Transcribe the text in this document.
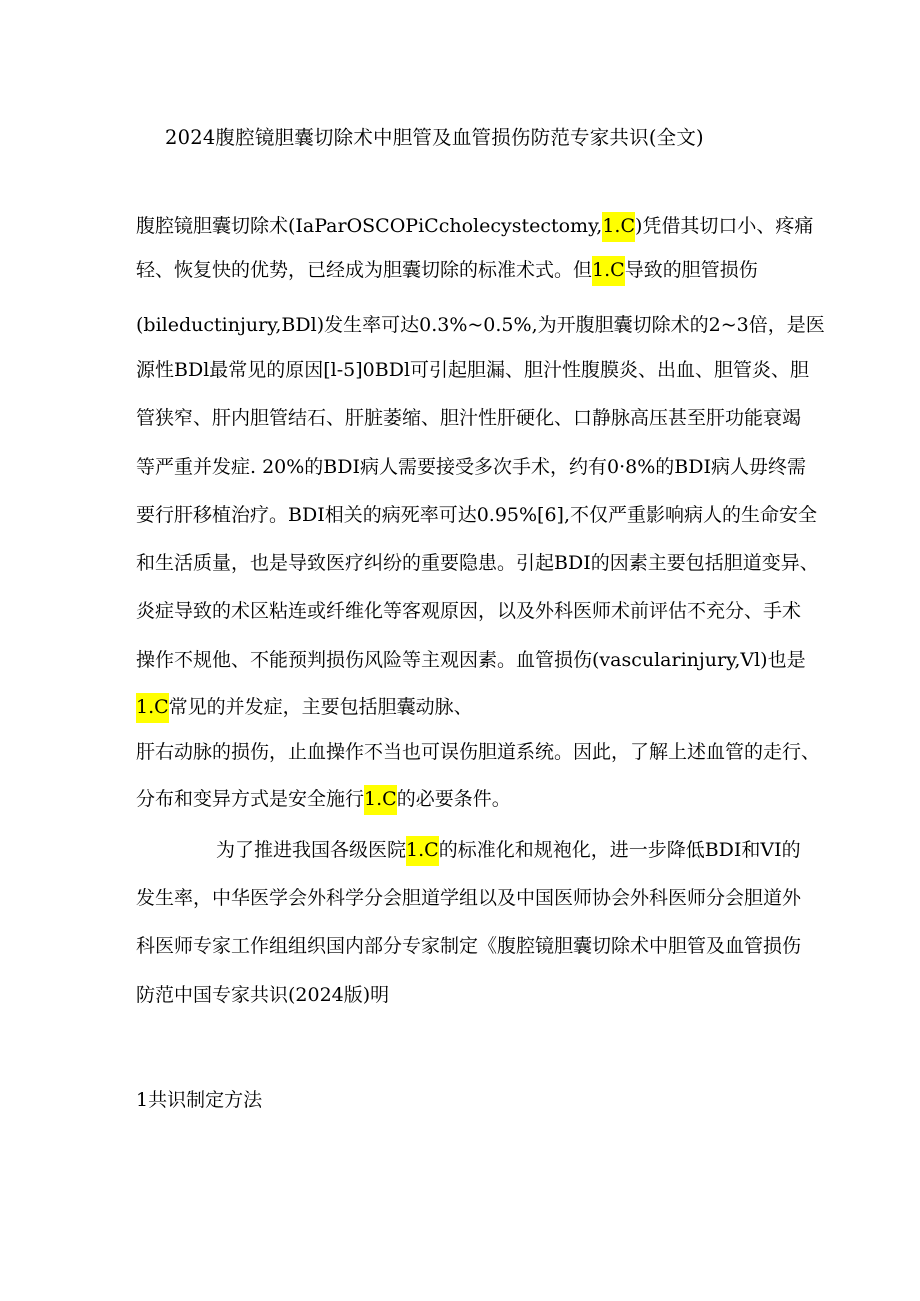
2024腹腔镜胆囊切除术中胆管及血管损伤防范专家共识(全文)
腹腔镜胆囊切除术(IaParOSCOPiCcholecystectomy,1.C)凭借其切口小、疼痛
轻、恢复快的优势，已经成为胆囊切除的标准术式。但1.C导致的胆管损伤
(bileductinjury,BDl)发生率可达0.3%~0.5%,为开腹胆囊切除术的2~3倍，是医
源性BDl最常见的原因[l-5]0BDl可引起胆漏、胆汁性腹膜炎、出血、胆管炎、胆
管狭窄、肝内胆管结石、肝脏萎缩、胆汁性肝硬化、口静脉高压甚至肝功能衰竭
等严重并发症. 20%的BDI病人需要接受多次手术，约有0·8%的BDI病人毋终需
要行肝移植治疗。BDI相关的病死率可达0.95%[6],不仅严重影响病人的生命安全
和生活质量，也是导致医疗纠纷的重要隐患。引起BDI的因素主要包括胆道变异、
炎症导致的术区粘连或纤维化等客观原因，以及外科医师术前评估不充分、手术
操作不规他、不能预判损伤风险等主观因素。血管损伤(vascularinjury,Vl)也是
1.C常见的并发症，主要包括胆囊动脉、
肝右动脉的损伤，止血操作不当也可误伤胆道系统。因此，了解上述血管的走行、
分布和变异方式是安全施行1.C的必要条件。
为了推进我国各级医院1.C的标准化和规袍化，进一步降低BDI和VI的
发生率，中华医学会外科学分会胆道学组以及中国医师协会外科医师分会胆道外
科医师专家工作组组织国内部分专家制定《腹腔镜胆囊切除术中胆管及血管损伤
防范中国专家共识(2024版)明
1共识制定方法
